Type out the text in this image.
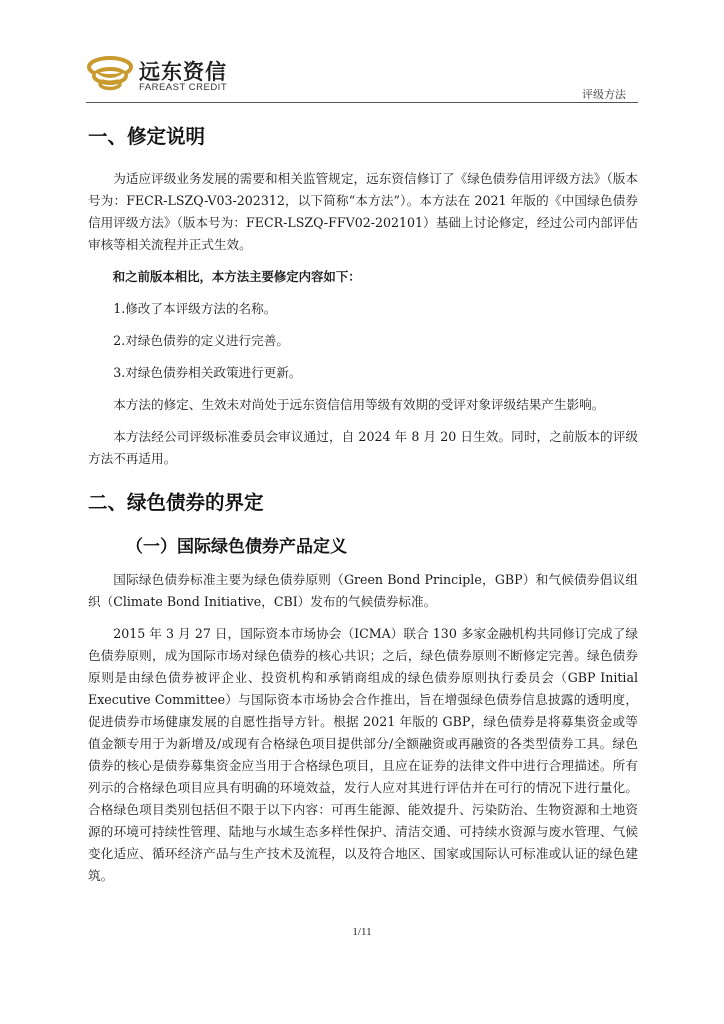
远东资信
FAREAST CREDIT
评级方法
一、修定说明
为适应评级业务发展的需要和相关监管规定，远东资信修订了《绿色债券信用评级方法》（版本号为：FECR-LSZQ-V03-202312，以下简称“本方法”）。本方法在 2021 年版的《中国绿色债券信用评级方法》（版本号为：FECR-LSZQ-FFV02-202101）基础上讨论修定，经过公司内部评估审核等相关流程并正式生效。
和之前版本相比，本方法主要修定内容如下：
1.修改了本评级方法的名称。
2.对绿色债券的定义进行完善。
3.对绿色债券相关政策进行更新。
本方法的修定、生效未对尚处于远东资信信用等级有效期的受评对象评级结果产生影响。
本方法经公司评级标准委员会审议通过，自 2024 年 8 月 20 日生效。同时，之前版本的评级方法不再适用。
二、绿色债券的界定
（一）国际绿色债券产品定义
国际绿色债券标准主要为绿色债券原则（Green Bond Principle，GBP）和气候债券倡议组织（Climate Bond Initiative，CBI）发布的气候债券标准。
2015 年 3 月 27 日，国际资本市场协会（ICMA）联合 130 多家金融机构共同修订完成了绿色债券原则，成为国际市场对绿色债券的核心共识；之后，绿色债券原则不断修定完善。绿色债券原则是由绿色债券被评企业、投资机构和承销商组成的绿色债券原则执行委员会（GBP Initial Executive Committee）与国际资本市场协会合作推出，旨在增强绿色债券信息披露的透明度，促进债券市场健康发展的自愿性指导方针。根据 2021 年版的 GBP，绿色债券是将募集资金或等值金额专用于为新增及/或现有合格绿色项目提供部分/全额融资或再融资的各类型债券工具。绿色债券的核心是债券募集资金应当用于合格绿色项目，且应在证券的法律文件中进行合理描述。所有列示的合格绿色项目应具有明确的环境效益，发行人应对其进行评估并在可行的情况下进行量化。合格绿色项目类别包括但不限于以下内容：可再生能源、能效提升、污染防治、生物资源和土地资源的环境可持续性管理、陆地与水域生态多样性保护、清洁交通、可持续水资源与废水管理、气候变化适应、循环经济产品与生产技术及流程，以及符合地区、国家或国际认可标准或认证的绿色建筑。
1/11
